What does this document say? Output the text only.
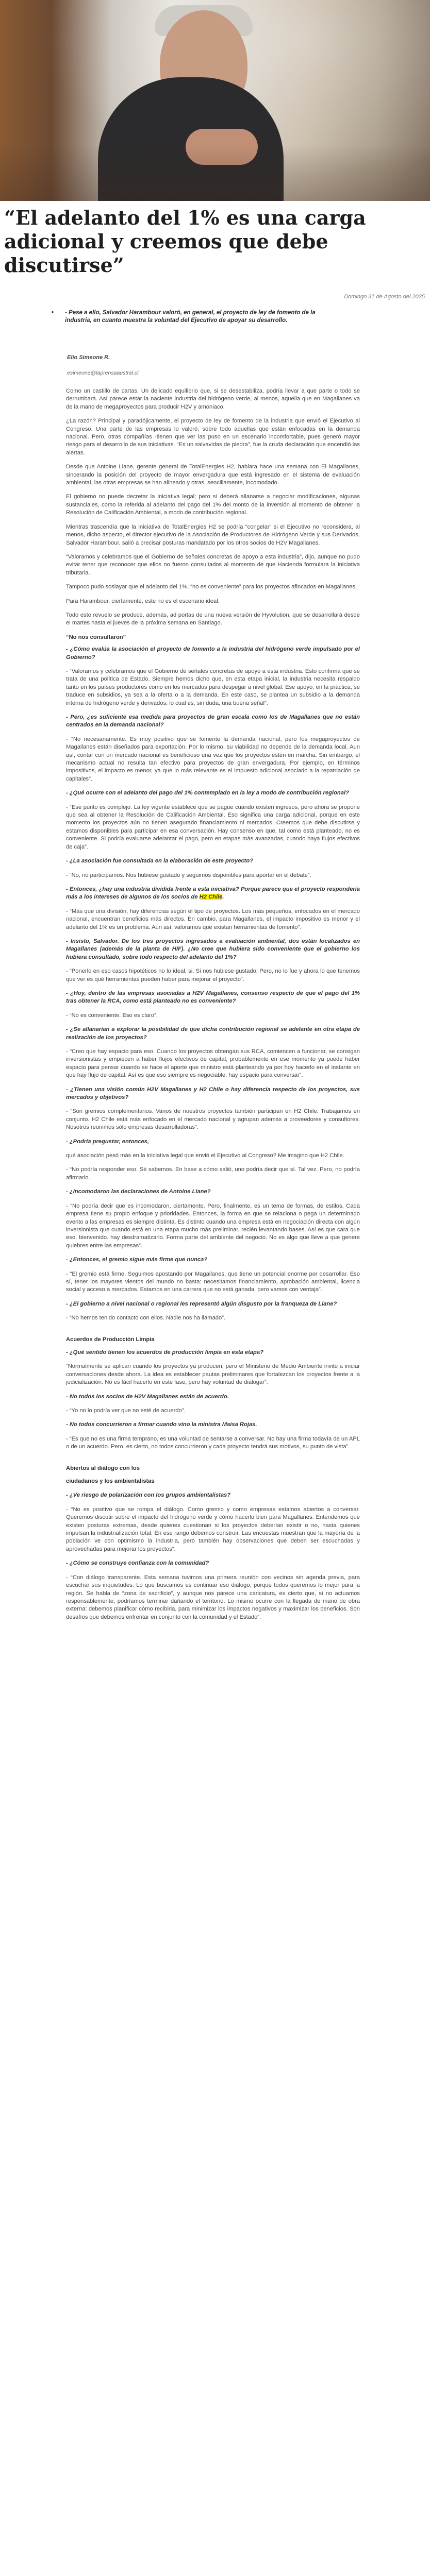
“El adelanto del 1% es una carga adicional y creemos que debe discutirse”
Domingo 31 de Agosto del 2025

• - Pese a ello, Salvador Harambour valoró, en general, el proyecto de ley de fomento de la industria, en cuanto muestra la voluntad del Ejecutivo de apoyar su desarrollo.

Elio Simeone R.
esimeone@laprensaaustral.cl

Como un castillo de cartas. Un delicado equilibrio que, si se desestabiliza, podría llevar a que parte o todo se derrumbara. Así parece estar la naciente industria del hidrógeno verde, al menos, aquella que en Magallanes va de la mano de megaproyectos para producir H2V y amoniaco.

¿La razón? Principal y paradójicamente, el proyecto de ley de fomento de la industria que envió el Ejecutivo al Congreso. Una parte de las empresas lo valoró, sobre todo aquellas que están enfocadas en la demanda nacional. Pero, otras compañías -tienen que ver las puso en un escenario incomfortable, pues generó mayor riesgo para el desarrollo de sus iniciativas. “Es un salvavidas de piedra”, fue la cruda declaración que encendió las alertas.

Desde que Antoine Liane, gerente general de TotalEnergies H2, hablara hace una semana con El Magallanes, sincerando la posición del proyecto de mayor envergadura que está ingresado en el sistema de evaluación ambiental, las otras empresas se han alineado y otras, sencillamente, incomodado.

El gobierno no puede decretar la iniciativa legal; pero sí deberá allanarse a negociar modificaciones, algunas sustanciales, como la referida al adelanto del pago del 1% del monto de la inversión al momento de obtener la Resolución de Calificación Ambiental, a modo de contribución regional.

Mientras trascendía que la iniciativa de TotalEnergies H2 se podría “congelar” si el Ejecutivo no reconsidera, al menos, dicho aspecto, el director ejecutivo de la Asociación de Productores de Hidrógeno Verde y sus Derivados, Salvador Harambour, salió a precisar posturas mandatado por los otros socios de H2V Magallanes.

“Valoramos y celebramos que el Gobierno de señales concretas de apoyo a esta industria”, dijo, aunque no pudo evitar tener que reconocer que ellos no fueron consultados al momento de que Hacienda formulara la iniciativa tributaria.

Tampoco pudo soslayar que el adelanto del 1%, “no es conveniente” para los proyectos afincados en Magallanes.

Para Harambour, ciertamente, este no es el escenario ideal.

Todo este revuelo se produce, además, ad portas de una nueva versión de Hyvolution, que se desarrollará desde el martes hasta el jueves de la próxima semana en Santiago.

“No nos consultaron”

- ¿Cómo evalúa la asociación el proyecto de fomento a la industria del hidrógeno verde impulsado por el Gobierno?

- “Valoramos y celebramos que el Gobierno dé señales concretas de apoyo a esta industria. Esto confirma que se trata de una política de Estado. Siempre hemos dicho que, en esta etapa inicial, la industria necesita respaldo tanto en los países productores como en los mercados para despegar a nivel global. Ese apoyo, en la práctica, se traduce en subsidios, ya sea a la oferta o a la demanda. En este caso, se plantea un subsidio a la demanda interna de hidrógeno verde y derivados, lo cual es, sin duda, una buena señal”.

- Pero, ¿es suficiente esa medida para proyectos de gran escala como los de Magallanes que no están centrados en la demanda nacional?

- “No necesariamente. Es muy positivo que se fomente la demanda nacional, pero los megaproyectos de Magallanes están diseñados para exportación. Por lo mismo, su viabilidad no depende de la demanda local. Aun así, contar con un mercado nacional es beneficioso una vez que los proyectos estén en marcha. Sin embargo, el mecanismo actual no resulta tan efectivo para proyectos de gran envergadura. Por ejemplo, en términos impositivos, el impacto es menor, ya que lo más relevante es el impuesto adicional asociado a la repatriación de capitales”.

- ¿Qué ocurre con el adelanto del pago del 1% contemplado en la ley a modo de contribución regional?

- “Ese punto es complejo. La ley vigente establece que se pague cuando existen ingresos, pero ahora se propone que sea al obtener la Resolución de Calificación Ambiental. Eso significa una carga adicional, porque en este momento los proyectos aún no tienen asegurado financiamiento ni mercados. Creemos que debe discutirse y estamos disponibles para participar en esa conversación. Hay consenso en que, tal como está planteado, no es conveniente. Si podría evaluarse adelantar el pago, pero en etapas más avanzadas, cuando haya flujos efectivos de caja”.

- ¿La asociación fue consultada en la elaboración de este proyecto?

- “No, no participamos. Nos hubiese gustado y seguimos disponibles para aportar en el debate”.

- Entonces, ¿hay una industria dividida frente a esta iniciativa? Porque parece que el proyecto respondería más a los intereses de algunos de los socios de H2 Chile.

- “Más que una división, hay diferencias según el tipo de proyectos. Los más pequeños, enfocados en el mercado nacional, encuentran beneficios más directos. En cambio, para Magallanes, el impacto impositivo es menor y el adelanto del 1% es un problema. Aun así, valoramos que existan herramientas de fomento”.

- Insisto, Salvador. De los tres proyectos ingresados a evaluación ambiental, dos están localizados en Magallanes (además de la planta de HIF). ¿No cree que hubiera sido conveniente que el gobierno los hubiera consultado, sobre todo respecto del adelanto del 1%?

- “Ponerlo en eso casos hipotéticos no lo ideal, si. Si nos hubiese gustado. Pero, no lo fue y ahora lo que tenemos que ver es qué herramientas pueden haber para mejorar el proyecto”.

- ¿Hoy, dentro de las empresas asociadas a H2V Magallanes, consenso respecto de que el pago del 1% tras obtener la RCA, como está planteado no es conveniente?

- “No es conveniente. Eso es claro”.

- ¿Se allanarían a explorar la posibilidad de que dicha contribución regional se adelante en otra etapa de realización de los proyectos?

- “Creo que hay espacio para eso. Cuando los proyectos obtengan sus RCA, comiencen a funcionar, se consigan inversionistas y empiecen a haber flujos efectivos de capital, probablemente en ese momento ya puede haber espacio para pensar cuando se hace el aporte que ministro está planteando ya por hoy hacerlo en el instante en que hay flujo de capital. Así es que eso siempre es negociable, hay espacio para conversar”.

- ¿Tienen una visión común H2V Magallanes y H2 Chile o hay diferencia respecto de los proyectos, sus mercados y objetivos?

- “Son gremios complementarios. Varios de nuestros proyectos también participan en H2 Chile. Trabajamos en conjunto. H2 Chile está más enfocado en el mercado nacional y agrupan además a proveedores y consultores. Nosotros reunimos sólo empresas desarrolladoras”.

- ¿Podría pregustar, entonces,

qué asociación pesó más en la iniciativa legal que envió el Ejecutivo al Congreso? Me imagino que H2 Chile.

- “No podría responder eso. Sé sabemos. En base a cómo salió, uno podría decir que sí. Tal vez. Pero, no podría afirmarlo.

- ¿Incomodaron las declaraciones de Antoine Liane?

- “No podría decir que es incomodaron, ciertamente. Pero, finalmente, es un tema de formas, de estilos. Cada empresa tiene su propio enfoque y prioridades. Entonces, la forma en que se relaciona o pega un determinado evento a las empresas es siempre distinta. Es distinto cuando una empresa está en negociación directa con algún inversionista que cuando está en una etapa mucho más preliminar, recién levantando bases. Así es que cara que eso, bienvenido. hay desdramatizarlo. Forma parte del ambiente del negocio. No es algo que lleve a que genere quiebres entre las empresas”.

- ¿Entonces, el gremio sigue más firme que nunca?

- “El gremio está firme. Seguimos apostando por Magallanes, que tiene un potencial enorme por desarrollar. Eso sí, tener los mayores vientos del mundo no basta: necesitamos financiamiento, aprobación ambiental, licencia social y acceso a mercados. Estamos en una carrera que no está ganada, pero vamos con ventaja”.

- ¿El gobierno a nivel nacional o regional les representó algún disgusto por la franqueza de Liane?

- “No hemos tenido contacto con ellos. Nadie nos ha llamado”.

Acuerdos de Producción Limpia

- ¿Qué sentido tienen los acuerdos de producción limpia en esta etapa?

“Normalmente se aplican cuando los proyectos ya producen, pero el Ministerio de Medio Ambiente invitó a iniciar conversaciones desde ahora. La idea es establecer pautas preliminares que fortalezcan los proyectos frente a la judicialización. No es fácil hacerlo en este fase, pero hay voluntad de dialogar”.

- No todos los socios de H2V Magallanes están de acuerdo.

- “Yo no lo podría ver que no esté de acuerdo”.

- No todos concurrieron a firmar cuando vino la ministra Maisa Rojas.

- “Es que no es una firma temprano, es una voluntad de sentarse a conversar. No hay una firma todavía de un APL o de un acuerdo. Pero, es cierto, no todos concurrieron y cada proyecto tendrá sus motivos, su punto de vista”.

Abiertos al diálogo con los

ciudadanos y los ambientalistas

- ¿Ve riesgo de polarización con los grupos ambientalistas?

- “No es positivo que se rompa el diálogo. Como gremio y como empresas estamos abiertos a conversar. Queremos discutir sobre el impacto del hidrógeno verde y cómo hacerlo bien para Magallanes. Entendemos que existen posturas extremas, desde quienes cuestionan si los proyectos deberían existir o no, hasta quienes impulsan la industrialización total. En ese rango debemos construir. Las encuestas muestran que la mayoría de la población ve con optimismo la industria, pero también hay observaciones que deben ser escuchadas y aprovechadas para mejorar los proyectos”.

- ¿Cómo se construye confianza con la comunidad?

- “Con diálogo transparente. Esta semana tuvimos una primera reunión con vecinos sin agenda previa, para escuchar sus inquietudes. Lo que buscamos es continuar eso diálogo, porque todos queremos lo mejor para la región. Se habla de “zona de sacrificio”, y aunque nos parece una caricatura, es cierto que, si no actuamos responsablemente, podríamos terminar dañando el territorio. Lo mismo ocurre con la llegada de mano de obra externa: debemos planificar cómo recibirla, para minimizar los impactos negativos y maximizar los beneficios. Son desafíos que debemos enfrentar en conjunto con la comunidad y el Estado”.
